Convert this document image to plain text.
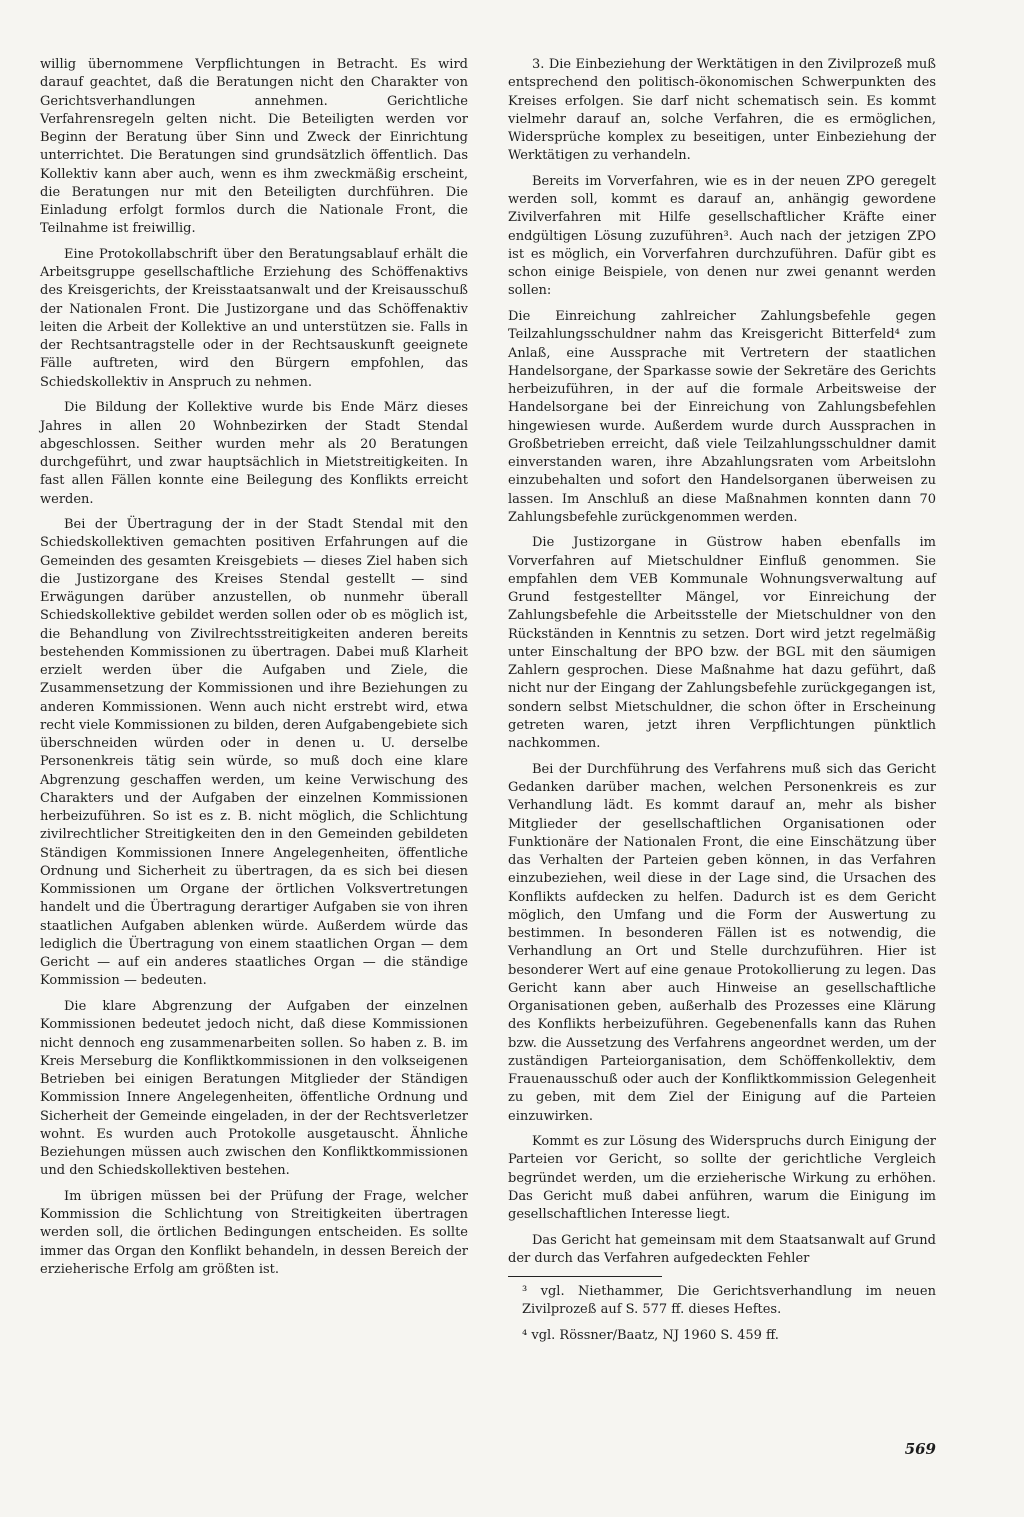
willig übernommene Verpflichtungen in Betracht. Es wird darauf geachtet, daß die Beratungen nicht den Charakter von Gerichtsverhandlungen annehmen. Gerichtliche Verfahrensregeln gelten nicht. Die Beteiligten werden vor Beginn der Beratung über Sinn und Zweck der Einrichtung unterrichtet. Die Beratungen sind grundsätzlich öffentlich. Das Kollektiv kann aber auch, wenn es ihm zweckmäßig erscheint, die Beratungen nur mit den Beteiligten durchführen. Die Einladung erfolgt formlos durch die Nationale Front, die Teilnahme ist freiwillig.

Eine Protokollabschrift über den Beratungsablauf erhält die Arbeitsgruppe gesellschaftliche Erziehung des Schöffenaktivs des Kreisgerichts, der Kreisstaatsanwalt und der Kreisausschuß der Nationalen Front. Die Justizorgane und das Schöffenaktiv leiten die Arbeit der Kollektive an und unterstützen sie. Falls in der Rechtsantragstelle oder in der Rechtsauskunft geeignete Fälle auftreten, wird den Bürgern empfohlen, das Schiedskollektiv in Anspruch zu nehmen.

Die Bildung der Kollektive wurde bis Ende März dieses Jahres in allen 20 Wohnbezirken der Stadt Stendal abgeschlossen. Seither wurden mehr als 20 Beratungen durchgeführt, und zwar hauptsächlich in Mietstreitigkeiten. In fast allen Fällen konnte eine Beilegung des Konflikts erreicht werden.

Bei der Übertragung der in der Stadt Stendal mit den Schiedskollektiven gemachten positiven Erfahrungen auf die Gemeinden des gesamten Kreisgebiets — dieses Ziel haben sich die Justizorgane des Kreises Stendal gestellt — sind Erwägungen darüber anzustellen, ob nunmehr überall Schiedskollektive gebildet werden sollen oder ob es möglich ist, die Behandlung von Zivilrechtsstreitigkeiten anderen bereits bestehenden Kommissionen zu übertragen. Dabei muß Klarheit erzielt werden über die Aufgaben und Ziele, die Zusammensetzung der Kommissionen und ihre Beziehungen zu anderen Kommissionen. Wenn auch nicht erstrebt wird, etwa recht viele Kommissionen zu bilden, deren Aufgabengebiete sich überschneiden würden oder in denen u. U. derselbe Personenkreis tätig sein würde, so muß doch eine klare Abgrenzung geschaffen werden, um keine Verwischung des Charakters und der Aufgaben der einzelnen Kommissionen herbeizuführen. So ist es z. B. nicht möglich, die Schlichtung zivilrechtlicher Streitigkeiten den in den Gemeinden gebildeten Ständigen Kommissionen Innere Angelegenheiten, öffentliche Ordnung und Sicherheit zu übertragen, da es sich bei diesen Kommissionen um Organe der örtlichen Volksvertretungen handelt und die Übertragung derartiger Aufgaben sie von ihren staatlichen Aufgaben ablenken würde. Außerdem würde das lediglich die Übertragung von einem staatlichen Organ — dem Gericht — auf ein anderes staatliches Organ — die ständige Kommission — bedeuten.

Die klare Abgrenzung der Aufgaben der einzelnen Kommissionen bedeutet jedoch nicht, daß diese Kommissionen nicht dennoch eng zusammenarbeiten sollen. So haben z. B. im Kreis Merseburg die Konfliktkommissionen in den volkseigenen Betrieben bei einigen Beratungen Mitglieder der Ständigen Kommission Innere Angelegenheiten, öffentliche Ordnung und Sicherheit der Gemeinde eingeladen, in der der Rechtsverletzer wohnt. Es wurden auch Protokolle ausgetauscht. Ähnliche Beziehungen müssen auch zwischen den Konfliktkommissionen und den Schiedskollektiven bestehen.

Im übrigen müssen bei der Prüfung der Frage, welcher Kommission die Schlichtung von Streitigkeiten übertragen werden soll, die örtlichen Bedingungen entscheiden. Es sollte immer das Organ den Konflikt behandeln, in dessen Bereich der erzieherische Erfolg am größten ist.

3. Die Einbeziehung der Werktätigen in den Zivilprozeß muß entsprechend den politisch-ökonomischen Schwerpunkten des Kreises erfolgen. Sie darf nicht schematisch sein. Es kommt vielmehr darauf an, solche Verfahren, die es ermöglichen, Widersprüche komplex zu beseitigen, unter Einbeziehung der Werktätigen zu verhandeln.

Bereits im Vorverfahren, wie es in der neuen ZPO geregelt werden soll, kommt es darauf an, anhängig gewordene Zivilverfahren mit Hilfe gesellschaftlicher Kräfte einer endgültigen Lösung zuzuführen³. Auch nach der jetzigen ZPO ist es möglich, ein Vorverfahren durchzuführen. Dafür gibt es schon einige Beispiele, von denen nur zwei genannt werden sollen:

Die Einreichung zahlreicher Zahlungsbefehle gegen Teilzahlungsschuldner nahm das Kreisgericht Bitterfeld⁴ zum Anlaß, eine Aussprache mit Vertretern der staatlichen Handelsorgane, der Sparkasse sowie der Sekretäre des Gerichts herbeizuführen, in der auf die formale Arbeitsweise der Handelsorgane bei der Einreichung von Zahlungsbefehlen hingewiesen wurde. Außerdem wurde durch Aussprachen in Großbetrieben erreicht, daß viele Teilzahlungsschuldner damit einverstanden waren, ihre Abzahlungsraten vom Arbeitslohn einzubehalten und sofort den Handelsorganen überweisen zu lassen. Im Anschluß an diese Maßnahmen konnten dann 70 Zahlungsbefehle zurückgenommen werden.

Die Justizorgane in Güstrow haben ebenfalls im Vorverfahren auf Mietschuldner Einfluß genommen. Sie empfahlen dem VEB Kommunale Wohnungsverwaltung auf Grund festgestellter Mängel, vor Einreichung der Zahlungsbefehle die Arbeitsstelle der Mietschuldner von den Rückständen in Kenntnis zu setzen. Dort wird jetzt regelmäßig unter Einschaltung der BPO bzw. der BGL mit den säumigen Zahlern gesprochen. Diese Maßnahme hat dazu geführt, daß nicht nur der Eingang der Zahlungsbefehle zurückgegangen ist, sondern selbst Mietschuldner, die schon öfter in Erscheinung getreten waren, jetzt ihren Verpflichtungen pünktlich nachkommen.

Bei der Durchführung des Verfahrens muß sich das Gericht Gedanken darüber machen, welchen Personenkreis es zur Verhandlung lädt. Es kommt darauf an, mehr als bisher Mitglieder der gesellschaftlichen Organisationen oder Funktionäre der Nationalen Front, die eine Einschätzung über das Verhalten der Parteien geben können, in das Verfahren einzubeziehen, weil diese in der Lage sind, die Ursachen des Konflikts aufdecken zu helfen. Dadurch ist es dem Gericht möglich, den Umfang und die Form der Auswertung zu bestimmen. In besonderen Fällen ist es notwendig, die Verhandlung an Ort und Stelle durchzuführen. Hier ist besonderer Wert auf eine genaue Protokollierung zu legen. Das Gericht kann aber auch Hinweise an gesellschaftliche Organisationen geben, außerhalb des Prozesses eine Klärung des Konflikts herbeizuführen. Gegebenenfalls kann das Ruhen bzw. die Aussetzung des Verfahrens angeordnet werden, um der zuständigen Parteiorganisation, dem Schöffenkollektiv, dem Frauenausschuß oder auch der Konfliktkommission Gelegenheit zu geben, mit dem Ziel der Einigung auf die Parteien einzuwirken.

Kommt es zur Lösung des Widerspruchs durch Einigung der Parteien vor Gericht, so sollte der gerichtliche Vergleich begründet werden, um die erzieherische Wirkung zu erhöhen. Das Gericht muß dabei anführen, warum die Einigung im gesellschaftlichen Interesse liegt.

Das Gericht hat gemeinsam mit dem Staatsanwalt auf Grund der durch das Verfahren aufgedeckten Fehler

³ vgl. Niethammer, Die Gerichtsverhandlung im neuen Zivilprozeß auf S. 577 ff. dieses Heftes.

⁴ vgl. Rössner/Baatz, NJ 1960 S. 459 ff.

569
